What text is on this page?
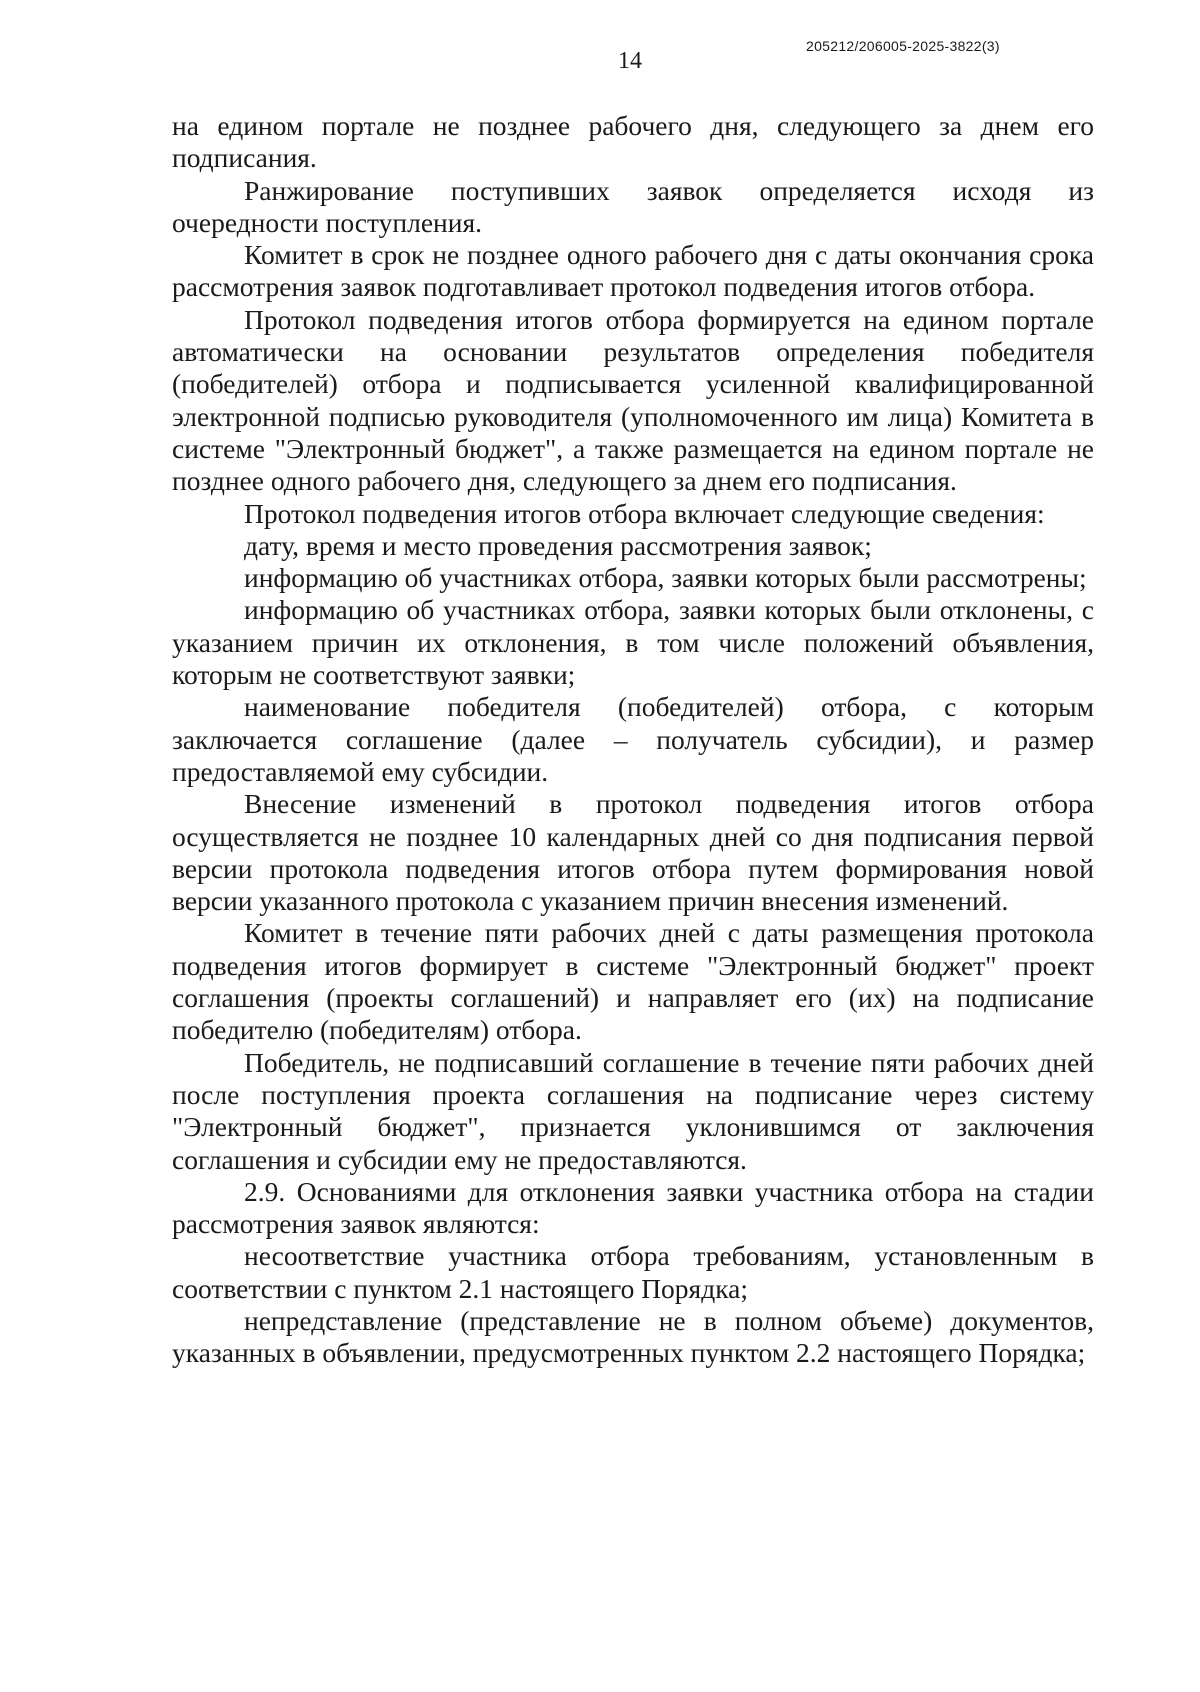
14
205212/206005-2025-3822(3)

на едином портале не позднее рабочего дня, следующего за днем его подписания.

Ранжирование поступивших заявок определяется исходя из очередности поступления.

Комитет в срок не позднее одного рабочего дня с даты окончания срока рассмотрения заявок подготавливает протокол подведения итогов отбора.

Протокол подведения итогов отбора формируется на едином портале автоматически на основании результатов определения победителя (победителей) отбора и подписывается усиленной квалифицированной электронной подписью руководителя (уполномоченного им лица) Комитета в системе "Электронный бюджет", а также размещается на едином портале не позднее одного рабочего дня, следующего за днем его подписания.

Протокол подведения итогов отбора включает следующие сведения:

дату, время и место проведения рассмотрения заявок;

информацию об участниках отбора, заявки которых были рассмотрены;

информацию об участниках отбора, заявки которых были отклонены, с указанием причин их отклонения, в том числе положений объявления, которым не соответствуют заявки;

наименование победителя (победителей) отбора, с которым заключается соглашение (далее – получатель субсидии), и размер предоставляемой ему субсидии.

Внесение изменений в протокол подведения итогов отбора осуществляется не позднее 10 календарных дней со дня подписания первой версии протокола подведения итогов отбора путем формирования новой версии указанного протокола с указанием причин внесения изменений.

Комитет в течение пяти рабочих дней с даты размещения протокола подведения итогов формирует в системе "Электронный бюджет" проект соглашения (проекты соглашений) и направляет его (их) на подписание победителю (победителям) отбора.

Победитель, не подписавший соглашение в течение пяти рабочих дней после поступления проекта соглашения на подписание через систему "Электронный бюджет", признается уклонившимся от заключения соглашения и субсидии ему не предоставляются.

2.9. Основаниями для отклонения заявки участника отбора на стадии рассмотрения заявок являются:

несоответствие участника отбора требованиям, установленным в соответствии с пунктом 2.1 настоящего Порядка;

непредставление (представление не в полном объеме) документов, указанных в объявлении, предусмотренных пунктом 2.2 настоящего Порядка;
